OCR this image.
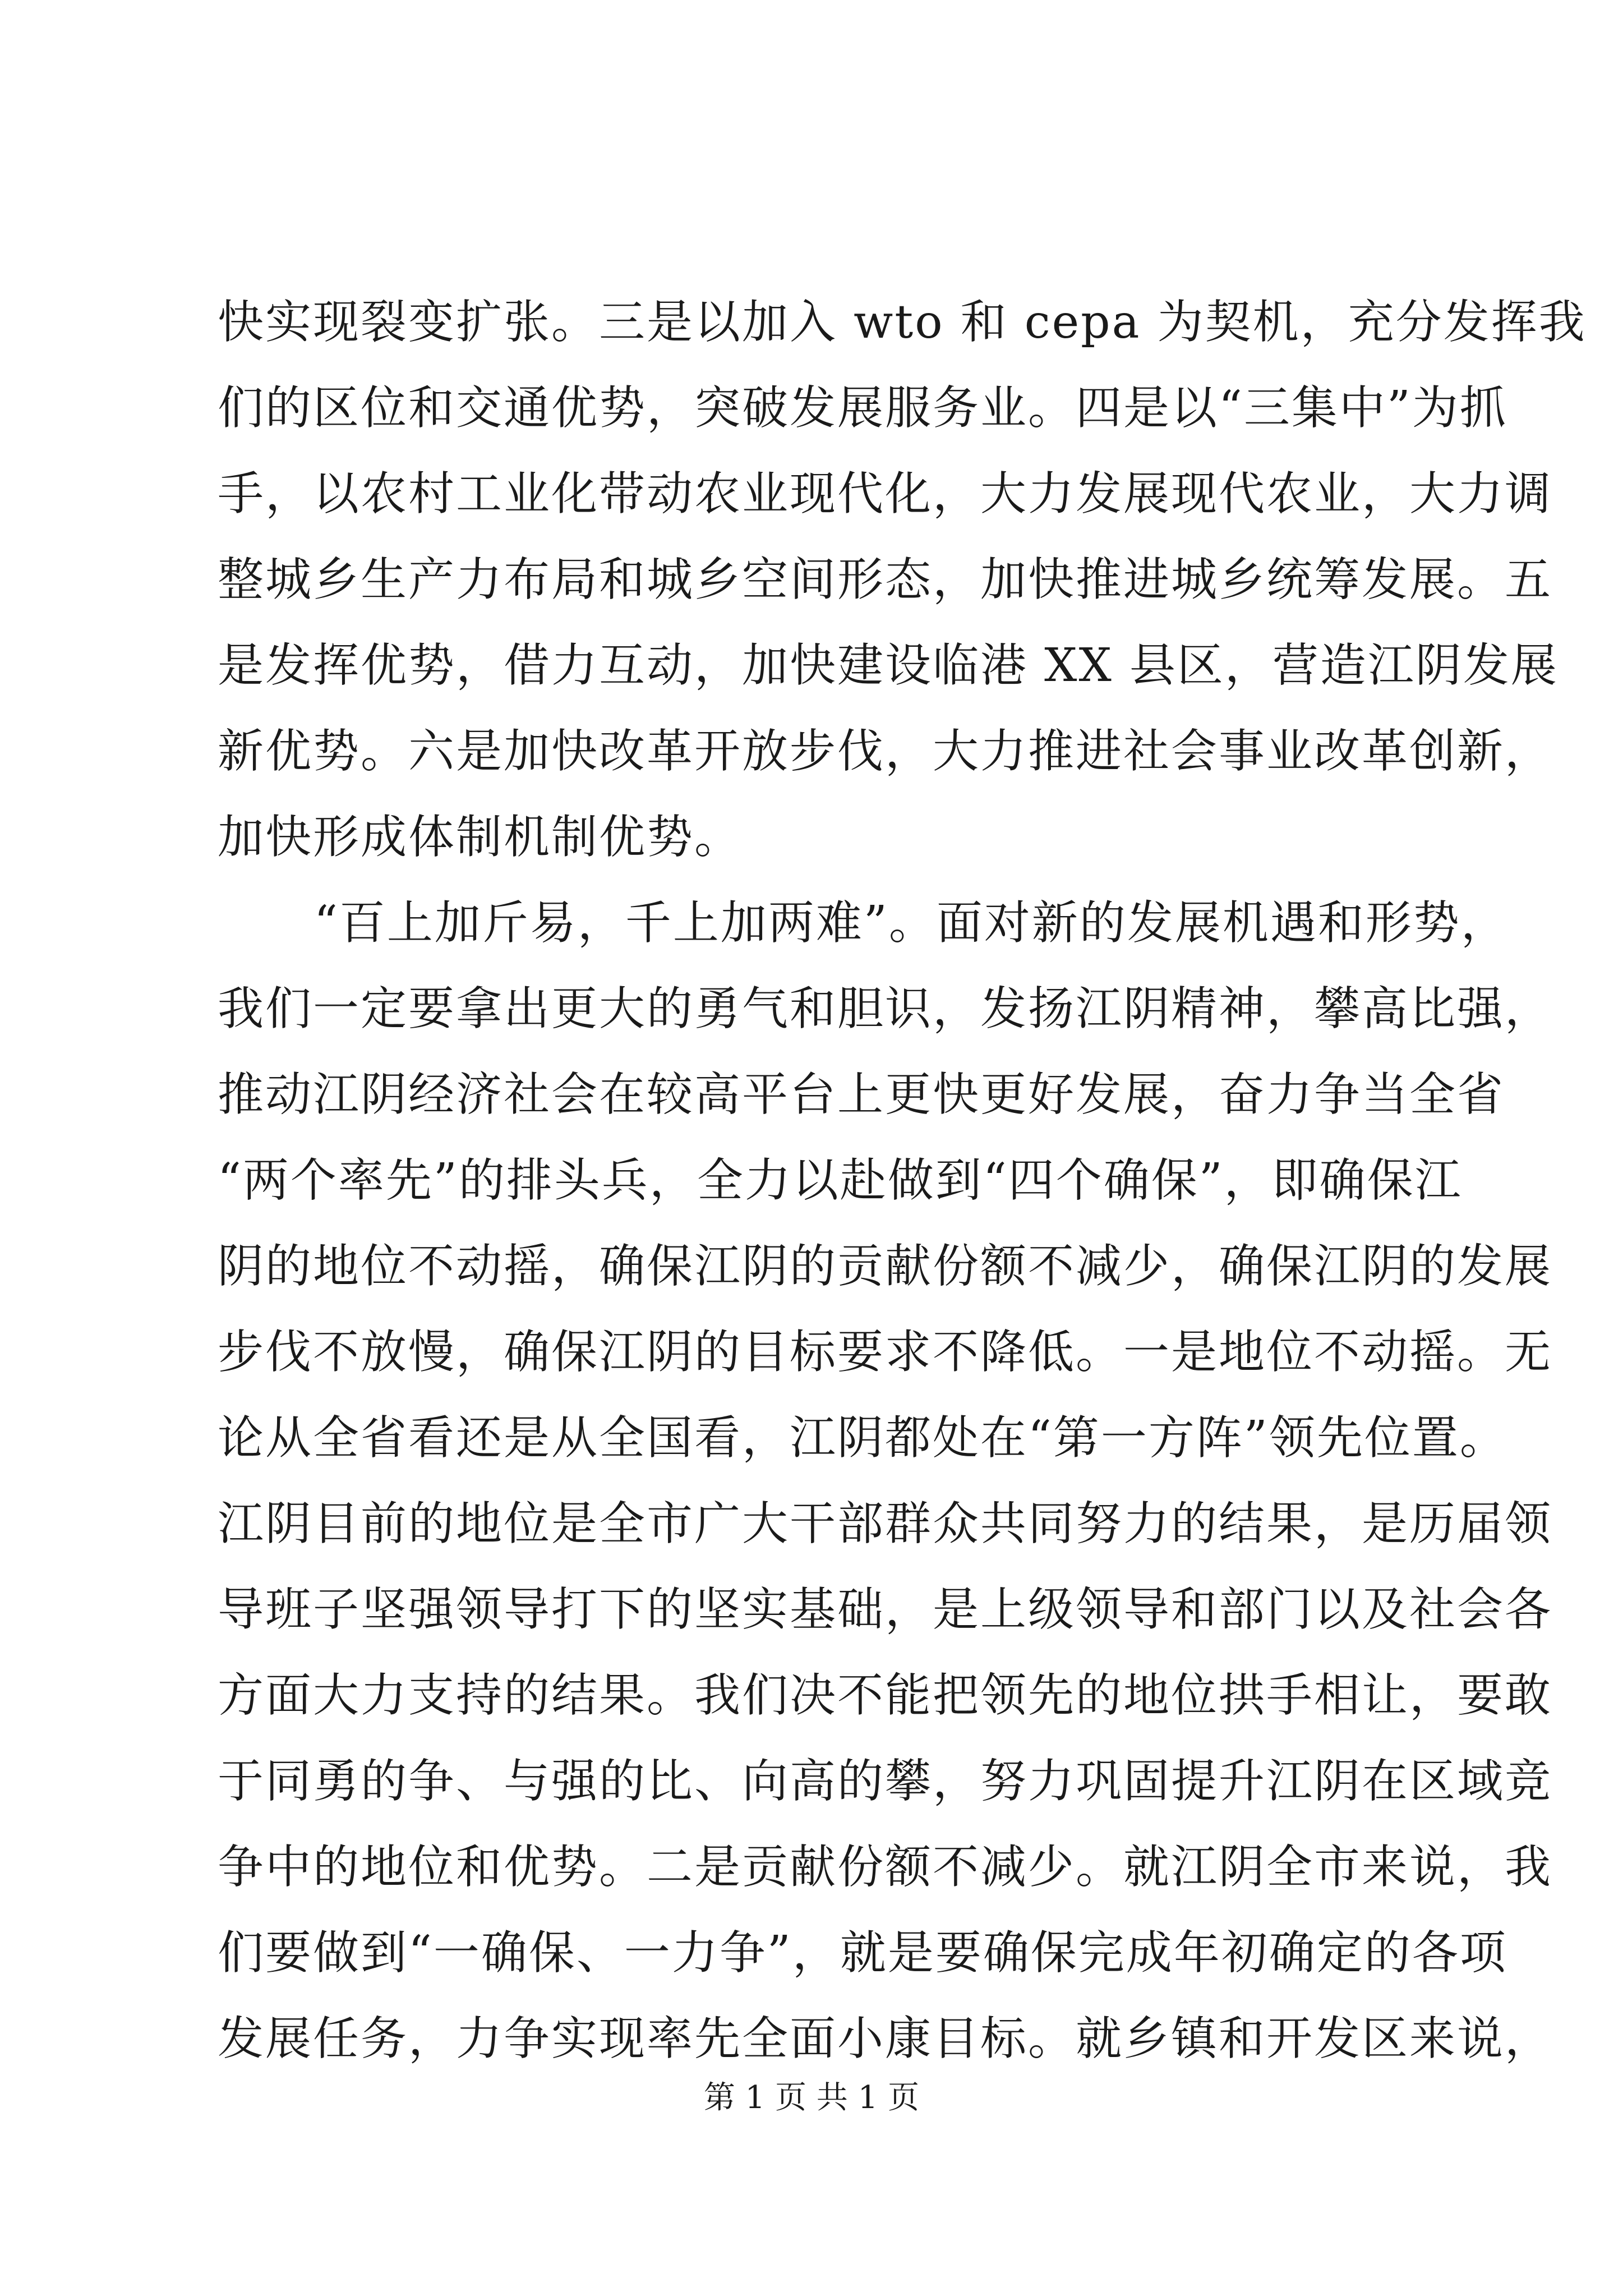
快实现裂变扩张。三是以加入 wto 和 cepa 为契机，充分发挥我
们的区位和交通优势，突破发展服务业。四是以“三集中”为抓
手，以农村工业化带动农业现代化，大力发展现代农业，大力调
整城乡生产力布局和城乡空间形态，加快推进城乡统筹发展。五
是发挥优势，借力互动，加快建设临港 XX 县区，营造江阴发展
新优势。六是加快改革开放步伐，大力推进社会事业改革创新，
加快形成体制机制优势。
“百上加斤易，千上加两难”。面对新的发展机遇和形势，
我们一定要拿出更大的勇气和胆识，发扬江阴精神，攀高比强，
推动江阴经济社会在较高平台上更快更好发展，奋力争当全省
“两个率先”的排头兵，全力以赴做到“四个确保”，即确保江
阴的地位不动摇，确保江阴的贡献份额不减少，确保江阴的发展
步伐不放慢，确保江阴的目标要求不降低。一是地位不动摇。无
论从全省看还是从全国看，江阴都处在“第一方阵”领先位置。
江阴目前的地位是全市广大干部群众共同努力的结果，是历届领
导班子坚强领导打下的坚实基础，是上级领导和部门以及社会各
方面大力支持的结果。我们决不能把领先的地位拱手相让，要敢
于同勇的争、与强的比、向高的攀，努力巩固提升江阴在区域竞
争中的地位和优势。二是贡献份额不减少。就江阴全市来说，我
们要做到“一确保、一力争”，就是要确保完成年初确定的各项
发展任务，力争实现率先全面小康目标。就乡镇和开发区来说，
第 1 页 共 1 页
